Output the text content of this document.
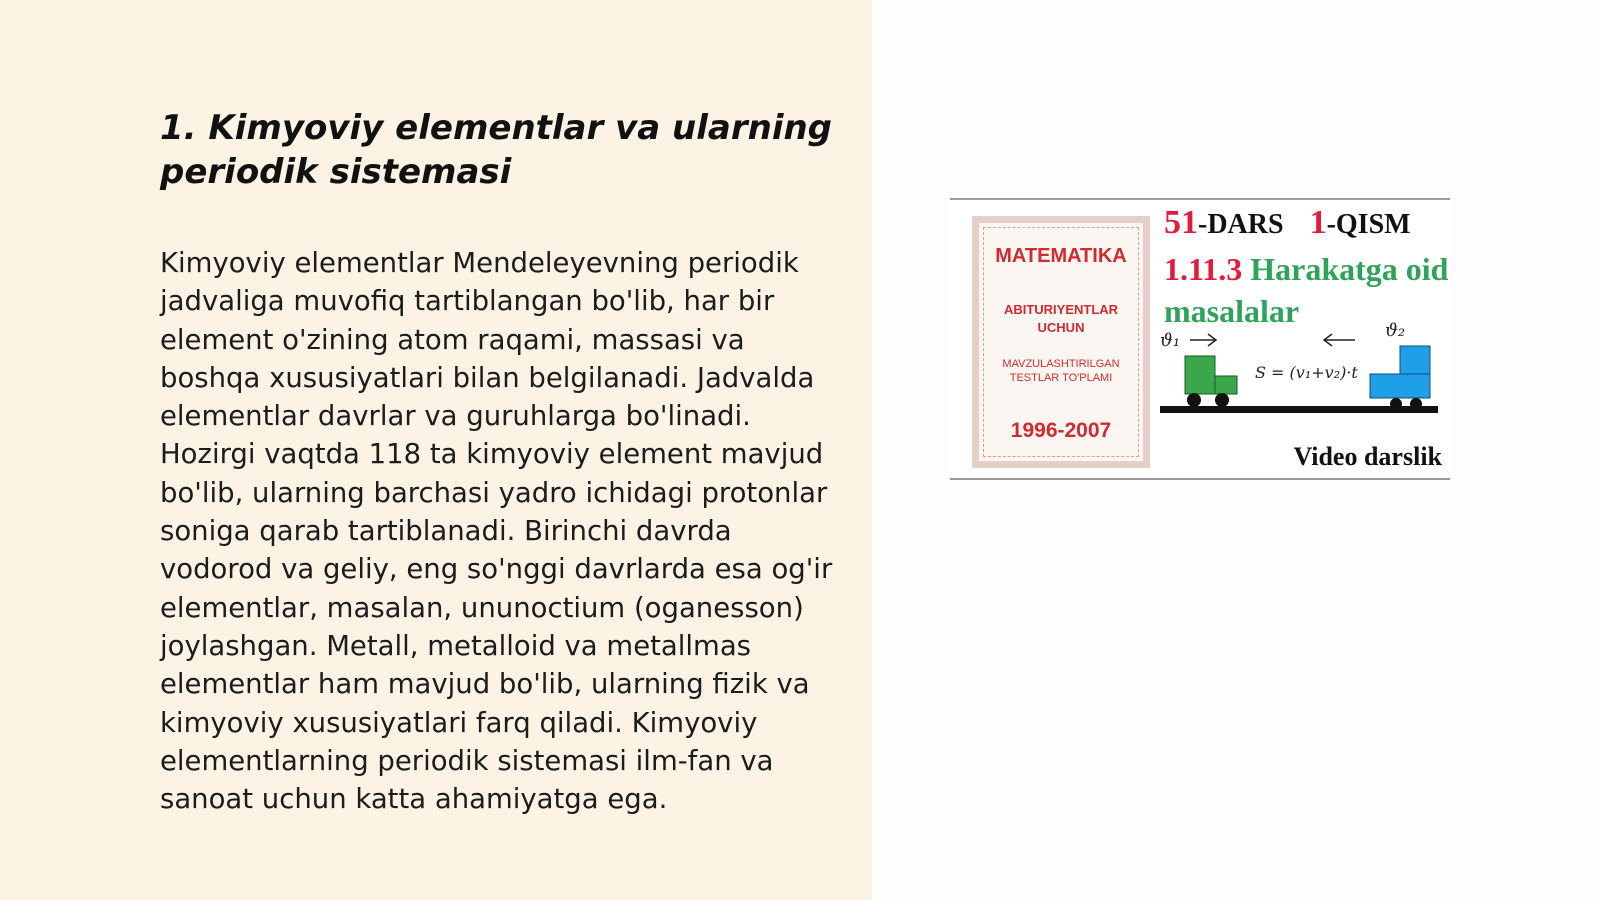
1. Kimyoviy elementlar va ularning periodik sistemasi

Kimyoviy elementlar Mendeleyevning periodik jadvaliga muvofiq tartiblangan bo'lib, har bir element o'zining atom raqami, massasi va boshqa xususiyatlari bilan belgilanadi. Jadvalda elementlar davrlar va guruhlarga bo'linadi. Hozirgi vaqtda 118 ta kimyoviy element mavjud bo'lib, ularning barchasi yadro ichidagi protonlar soniga qarab tartiblanadi. Birinchi davrda vodorod va geliy, eng so'nggi davrlarda esa og'ir elementlar, masalan, ununoctium (oganesson) joylashgan. Metall, metalloid va metallmas elementlar ham mavjud bo'lib, ularning fizik va kimyoviy xususiyatlari farq qiladi. Kimyoviy elementlarning periodik sistemasi ilm-fan va sanoat uchun katta ahamiyatga ega.

MATEMATIKA
ABITURIYENTLAR UCHUN
MAVZULASHTIRILGAN TESTLAR TO'PLAMI
1996-2007
51-DARS 1-QISM
1.11.3 Harakatga oid masalalar
ϑ₁	ϑ₂
S = (v₁+v₂)·t
Video darslik
